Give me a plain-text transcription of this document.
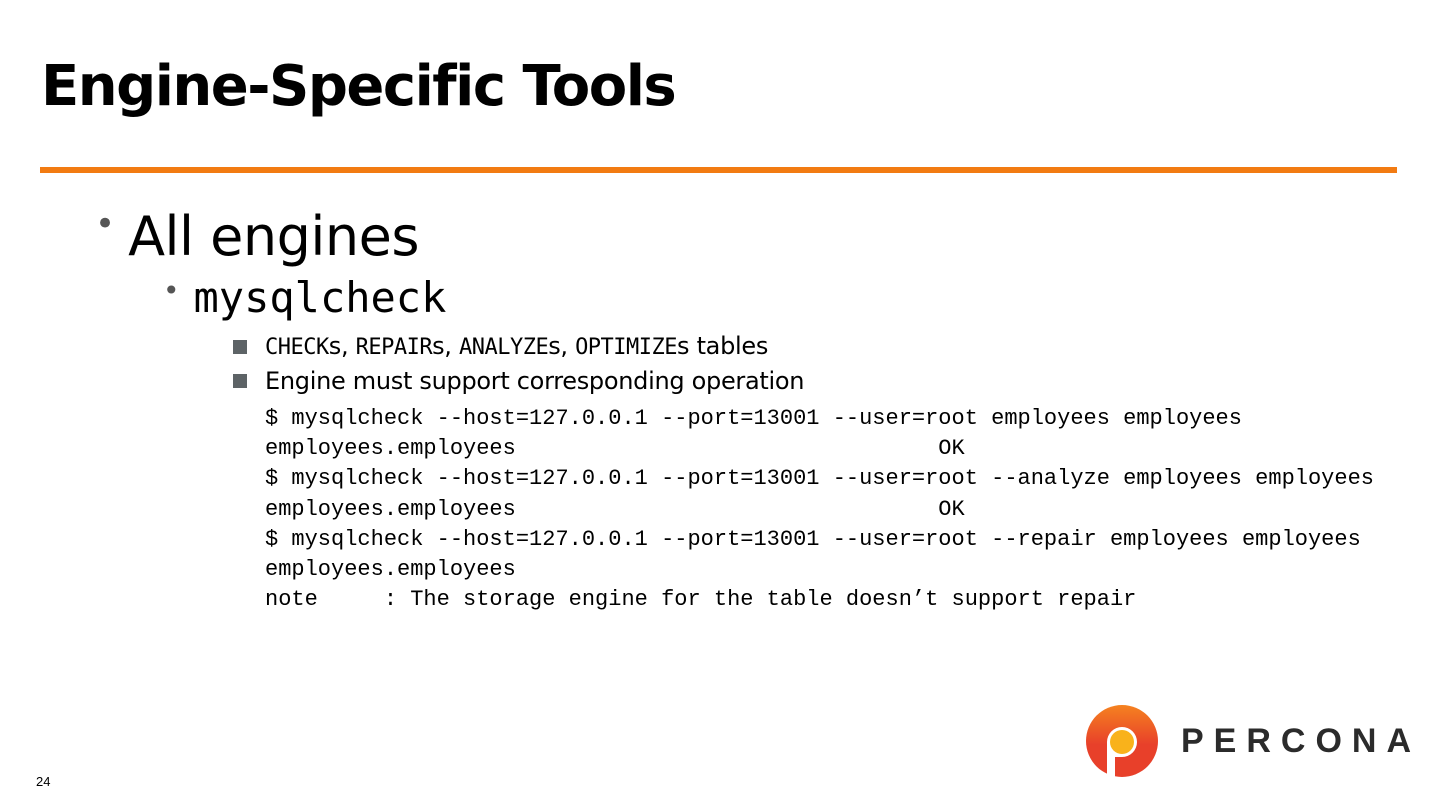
Engine-Specific Tools
• All engines
• mysqlcheck
CHECKs, REPAIRs, ANALYZEs, OPTIMIZEs tables
Engine must support corresponding operation
$ mysqlcheck --host=127.0.0.1 --port=13001 --user=root employees employees
employees.employees                                OK
$ mysqlcheck --host=127.0.0.1 --port=13001 --user=root --analyze employees employees
employees.employees                                OK
$ mysqlcheck --host=127.0.0.1 --port=13001 --user=root --repair employees employees
employees.employees
note     : The storage engine for the table doesn’t support repair
PERCONA
24
